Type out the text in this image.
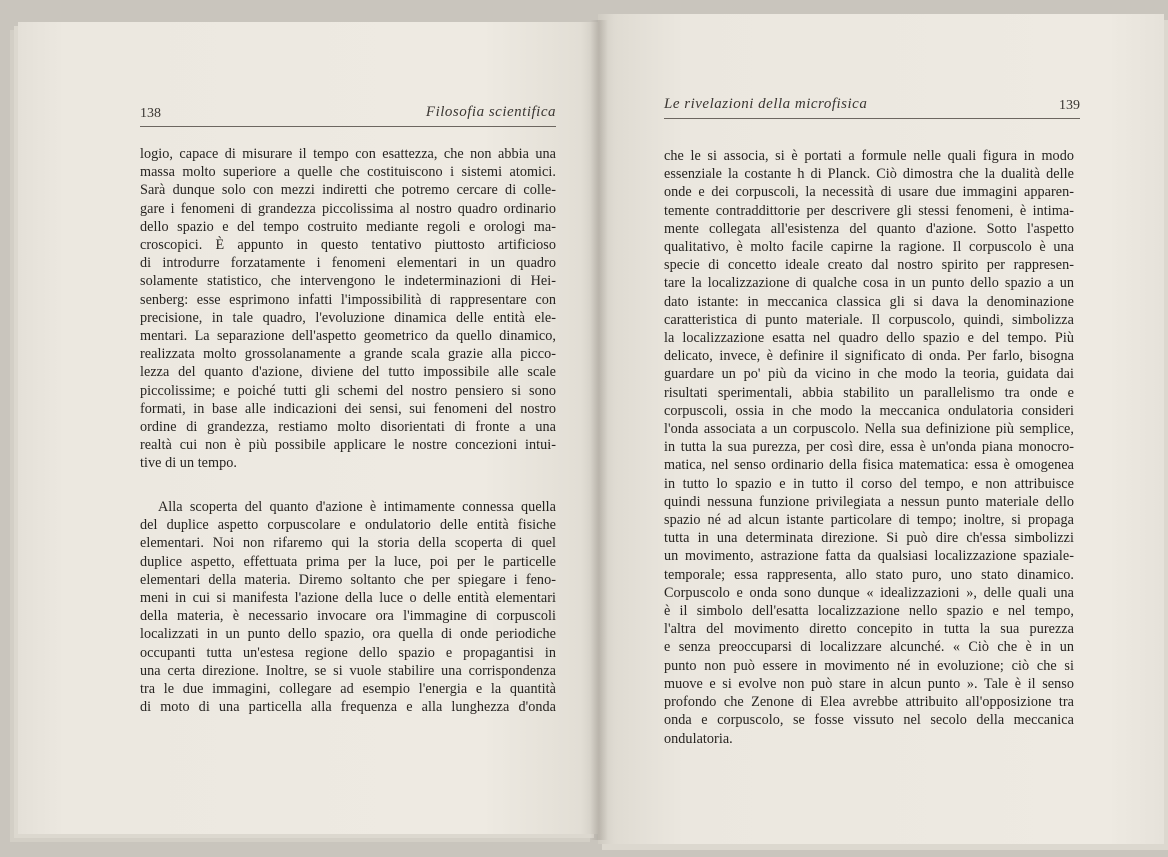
138	Filosofia scientifica
logio, capace di misurare il tempo con esattezza, che non abbia una
massa molto superiore a quelle che costituiscono i sistemi atomici.
Sarà dunque solo con mezzi indiretti che potremo cercare di colle-
gare i fenomeni di grandezza piccolissima al nostro quadro ordinario
dello spazio e del tempo costruito mediante regoli e orologi ma-
croscopici. È appunto in questo tentativo piuttosto artificioso
di introdurre forzatamente i fenomeni elementari in un quadro
solamente statistico, che intervengono le indeterminazioni di Hei-
senberg: esse esprimono infatti l'impossibilità di rappresentare con
precisione, in tale quadro, l'evoluzione dinamica delle entità ele-
mentari. La separazione dell'aspetto geometrico da quello dinamico,
realizzata molto grossolanamente a grande scala grazie alla picco-
lezza del quanto d'azione, diviene del tutto impossibile alle scale
piccolissime; e poiché tutti gli schemi del nostro pensiero si sono
formati, in base alle indicazioni dei sensi, sui fenomeni del nostro
ordine di grandezza, restiamo molto disorientati di fronte a una
realtà cui non è più possibile applicare le nostre concezioni intui-
tive di un tempo.
Alla scoperta del quanto d'azione è intimamente connessa quella
del duplice aspetto corpuscolare e ondulatorio delle entità fisiche
elementari. Noi non rifaremo qui la storia della scoperta di quel
duplice aspetto, effettuata prima per la luce, poi per le particelle
elementari della materia. Diremo soltanto che per spiegare i feno-
meni in cui si manifesta l'azione della luce o delle entità elementari
della materia, è necessario invocare ora l'immagine di corpuscoli
localizzati in un punto dello spazio, ora quella di onde periodiche
occupanti tutta un'estesa regione dello spazio e propagantisi in
una certa direzione. Inoltre, se si vuole stabilire una corrispondenza
tra le due immagini, collegare ad esempio l'energia e la quantità
di moto di una particella alla frequenza e alla lunghezza d'onda
Le rivelazioni della microfisica	139
che le si associa, si è portati a formule nelle quali figura in modo
essenziale la costante h di Planck. Ciò dimostra che la dualità delle
onde e dei corpuscoli, la necessità di usare due immagini apparen-
temente contraddittorie per descrivere gli stessi fenomeni, è intima-
mente collegata all'esistenza del quanto d'azione. Sotto l'aspetto
qualitativo, è molto facile capirne la ragione. Il corpuscolo è una
specie di concetto ideale creato dal nostro spirito per rappresen-
tare la localizzazione di qualche cosa in un punto dello spazio a un
dato istante: in meccanica classica gli si dava la denominazione
caratteristica di punto materiale. Il corpuscolo, quindi, simbolizza
la localizzazione esatta nel quadro dello spazio e del tempo. Più
delicato, invece, è definire il significato di onda. Per farlo, bisogna
guardare un po' più da vicino in che modo la teoria, guidata dai
risultati sperimentali, abbia stabilito un parallelismo tra onde e
corpuscoli, ossia in che modo la meccanica ondulatoria consideri
l'onda associata a un corpuscolo. Nella sua definizione più semplice,
in tutta la sua purezza, per così dire, essa è un'onda piana monocro-
matica, nel senso ordinario della fisica matematica: essa è omogenea
in tutto lo spazio e in tutto il corso del tempo, e non attribuisce
quindi nessuna funzione privilegiata a nessun punto materiale dello
spazio né ad alcun istante particolare di tempo; inoltre, si propaga
tutta in una determinata direzione. Si può dire ch'essa simbolizzi
un movimento, astrazione fatta da qualsiasi localizzazione spaziale-
temporale; essa rappresenta, allo stato puro, uno stato dinamico.
Corpuscolo e onda sono dunque « idealizzazioni », delle quali una
è il simbolo dell'esatta localizzazione nello spazio e nel tempo,
l'altra del movimento diretto concepito in tutta la sua purezza
e senza preoccuparsi di localizzare alcunché. « Ciò che è in un
punto non può essere in movimento né in evoluzione; ciò che si
muove e si evolve non può stare in alcun punto ». Tale è il senso
profondo che Zenone di Elea avrebbe attribuito all'opposizione tra
onda e corpuscolo, se fosse vissuto nel secolo della meccanica
ondulatoria.
